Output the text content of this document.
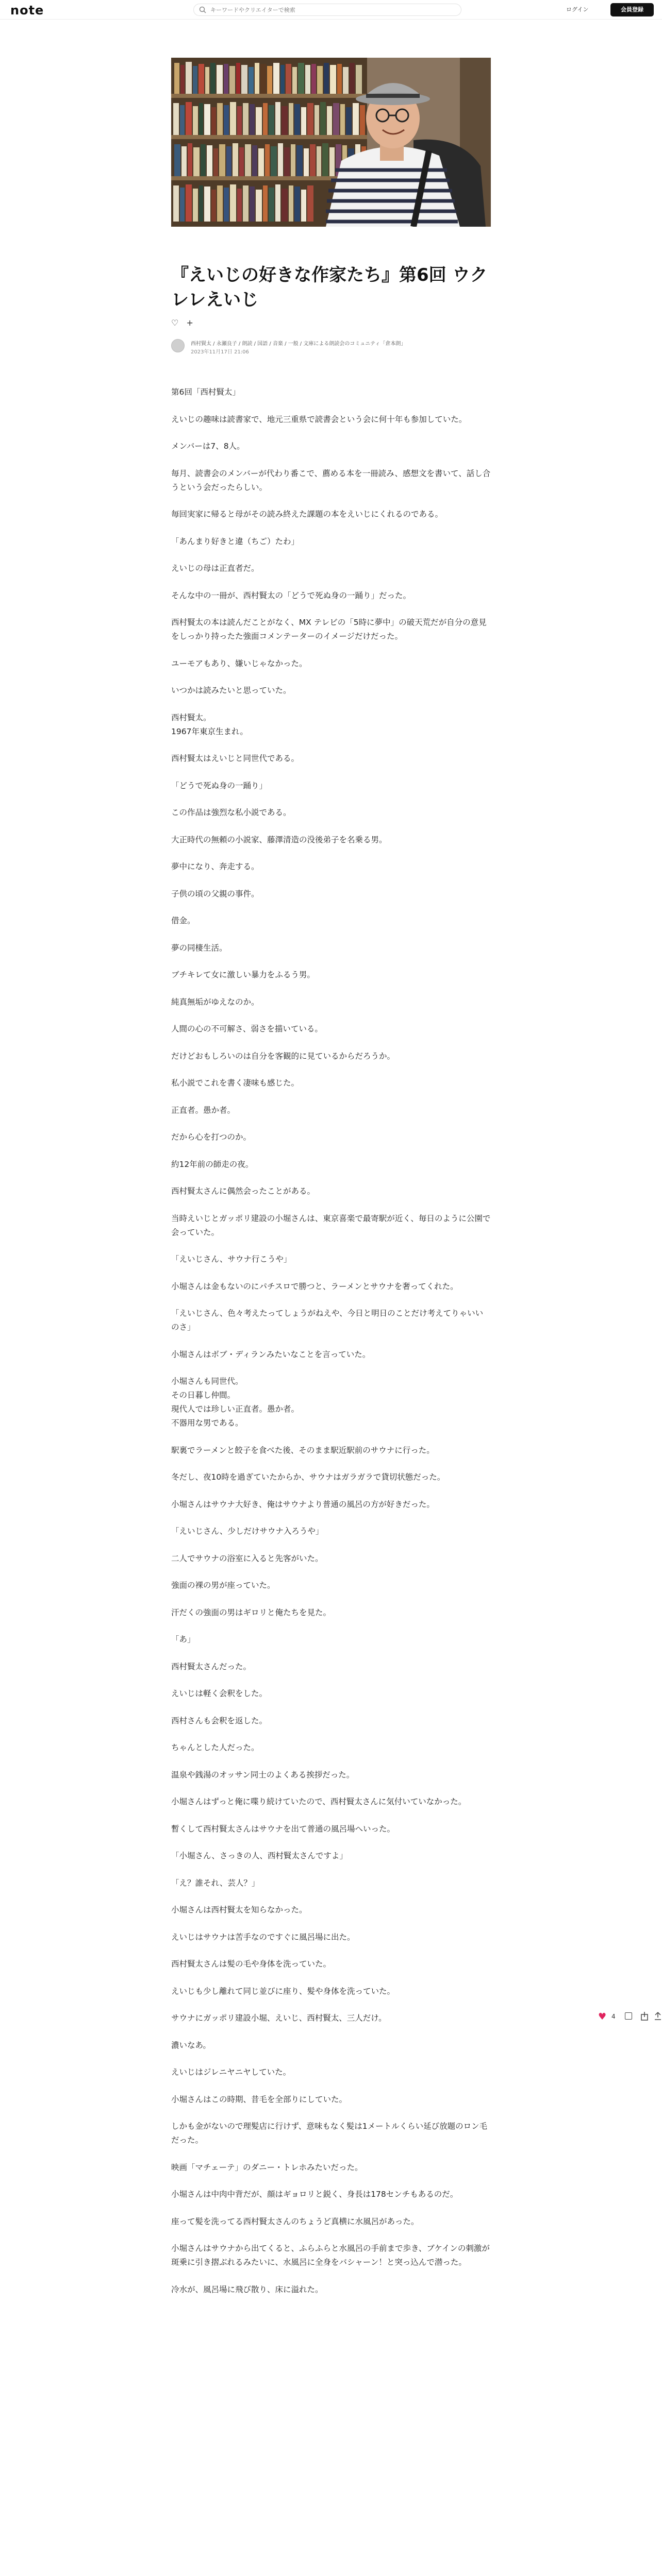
note
キーワードやクリエイターで検索	ログイン	会員登録
『えいじの好きな作家たち』第6回 ウクレレえいじ
♡ +
西村賢太 / 永瀬良子 / 朗読 / 国語 / 音楽 / 一般 / 文庫による朗読会のコミュニティ「倉本朗」
2023年11月17日 21:06

第6回「西村賢太」

えいじの趣味は読書家で、地元三重県で読書会という会に何十年も参加していた。

メンバーは7、8人。

毎月、読書会のメンバーが代わり番こで、薦める本を一冊読み、感想文を書いて、話し合うという会だったらしい。

毎回実家に帰ると母がその読み終えた課題の本をえいじにくれるのである。

「あんまり好きと違（ちご）たわ」

えいじの母は正直者だ。

そんな中の一冊が、西村賢太の「どうで死ぬ身の一踊り」だった。

西村賢太の本は読んだことがなく、MX テレビの「5時に夢中」の破天荒だが自分の意見をしっかり持ったた強面コメンテーターのイメージだけだった。

ユーモアもあり、嫌いじゃなかった。

いつかは読みたいと思っていた。

西村賢太。
1967年東京生まれ。

西村賢太はえいじと同世代である。

「どうで死ぬ身の一踊り」

この作品は強烈な私小説である。

大正時代の無頼の小説家、藤澤清造の没後弟子を名乗る男。

夢中になり、奔走する。

子供の頃の父親の事件。

借金。

夢の同棲生活。

ブチキレて女に激しい暴力をふるう男。

純真無垢がゆえなのか。

人間の心の不可解さ、弱さを描いている。

だけどおもしろいのは自分を客観的に見ているからだろうか。

私小説でこれを書く凄味も感じた。

正直者。愚か者。

だから心を打つのか。

約12年前の師走の夜。

西村賢太さんに偶然会ったことがある。

当時えいじとガッポリ建設の小堀さんは、東京喜楽で最寄駅が近く、毎日のように公園で会っていた。

「えいじさん、サウナ行こうや」

小堀さんは金もないのにパチスロで勝つと、ラーメンとサウナを奢ってくれた。

「えいじさん、色々考えたってしょうがねえや、今日と明日のことだけ考えてりゃいいのさ」

小堀さんはボブ・ディランみたいなことを言っていた。

小堀さんも同世代。
その日暮し仲間。
現代人では珍しい正直者。愚か者。
不器用な男である。

駅裏でラーメンと餃子を食べた後、そのまま駅近駅前のサウナに行った。

冬だし、夜10時を過ぎていたからか、サウナはガラガラで貸切状態だった。

小堀さんはサウナ大好き、俺はサウナより普通の風呂の方が好きだった。

「えいじさん、少しだけサウナ入ろうや」

二人でサウナの浴室に入ると先客がいた。

強面の裸の男が座っていた。

汗だくの強面の男はギロリと俺たちを見た。

「あ」

西村賢太さんだった。

えいじは軽く会釈をした。

西村さんも会釈を返した。

ちゃんとした人だった。

温泉や銭湯のオッサン同士のよくある挨拶だった。

小堀さんはずっと俺に喋り続けていたので、西村賢太さんに気付いていなかった。

暫くして西村賢太さんはサウナを出て普通の風呂場へいった。

「小堀さん、さっきの人、西村賢太さんですよ」

「え？誰それ、芸人？」

小堀さんは西村賢太を知らなかった。

えいじはサウナは苦手なのですぐに風呂場に出た。

西村賢太さんは髪の毛や身体を洗っていた。

えいじも少し離れて同じ並びに座り、髪や身体を洗っていた。

サウナにガッポリ建設小堀、えいじ、西村賢太、三人だけ。

濃いなあ。

えいじはジレニヤニヤしていた。

小堀さんはこの時期、昔毛を全部りにしていた。

しかも金がないので理髪店に行けず、意味もなく髪は1メートルくらい延び放題のロン毛だった。

映画「マチェーテ」のダニー・トレホみたいだった。

小堀さんは中肉中背だが、顔はギョロリと鋭く、身長は178センチもあるのだ。

座って髪を洗ってる西村賢太さんのちょうど真横に水風呂があった。

小堀さんはサウナから出てくると、ふらふらと水風呂の手前まで歩き、ブケインの刺激が斑乗に引き摺ぶれるみたいに、水風呂に全身をバシャーン！と突っ込んで潜った。

冷水が、風呂場に飛び散り、床に溢れた。

♥ 4
